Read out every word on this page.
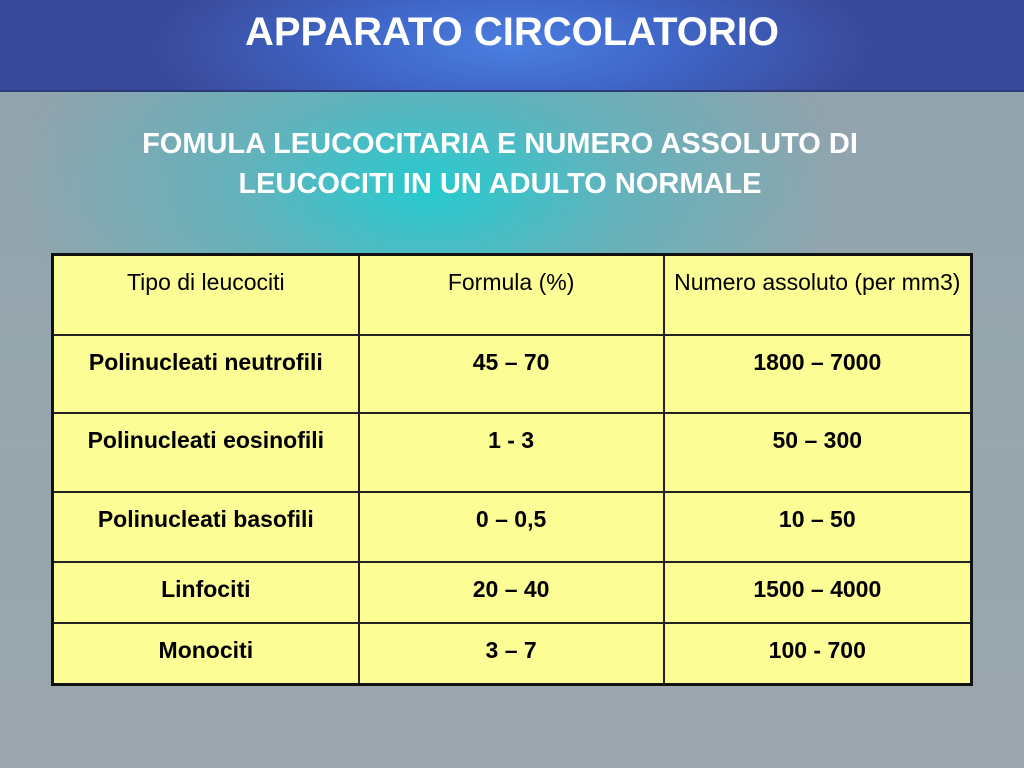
APPARATO CIRCOLATORIO
FOMULA LEUCOCITARIA E NUMERO ASSOLUTO DI LEUCOCITI IN UN ADULTO NORMALE
Tipo di leucociti	Formula (%)	Numero assoluto (per mm3)
Polinucleati neutrofili	45 – 70	1800 – 7000
Polinucleati eosinofili	1 - 3	50 – 300
Polinucleati basofili	0 – 0,5	10 – 50
Linfociti	20 – 40	1500 – 4000
Monociti	3 – 7	100 - 700
